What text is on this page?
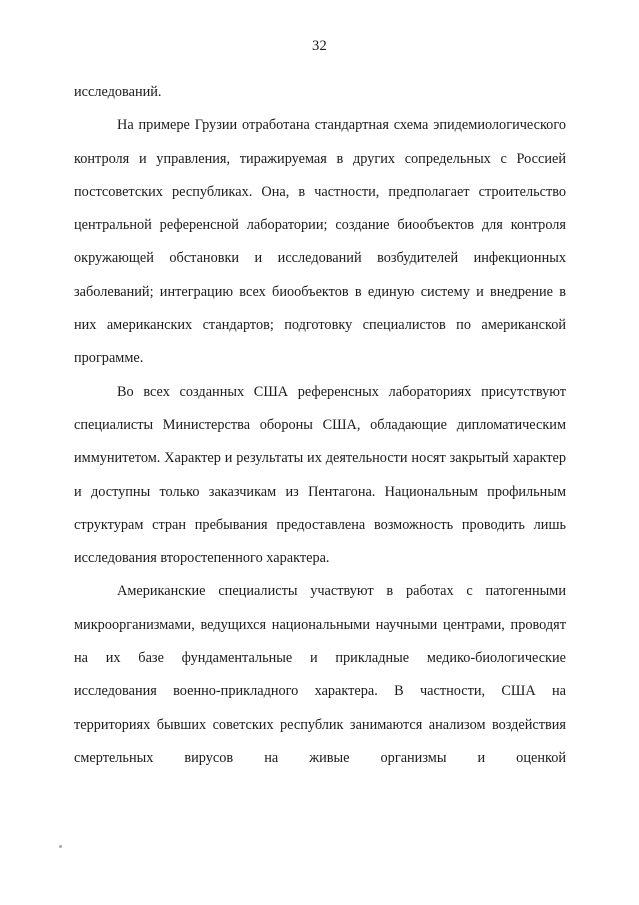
32

исследований.

На примере Грузии отработана стандартная схема эпидемиологического контроля и управления, тиражируемая в других сопредельных с Россией постсоветских республиках. Она, в частности, предполагает строительство центральной референсной лаборатории; создание биообъектов для контроля окружающей обстановки и исследований возбудителей инфекционных заболеваний; интеграцию всех биообъектов в единую систему и внедрение в них американских стандартов; подготовку специалистов по американской программе.

Во всех созданных США референсных лабораториях присутствуют специалисты Министерства обороны США, обладающие дипломатическим иммунитетом. Характер и результаты их деятельности носят закрытый характер и доступны только заказчикам из Пентагона. Национальным профильным структурам стран пребывания предоставлена возможность проводить лишь исследования второстепенного характера.

Американские специалисты участвуют в работах с патогенными микроорганизмами, ведущихся национальными научными центрами, проводят на их базе фундаментальные и прикладные медико-биологические исследования военно-прикладного характера. В частности, США на территориях бывших советских республик занимаются анализом воздействия смертельных вирусов на живые организмы и оценкой
